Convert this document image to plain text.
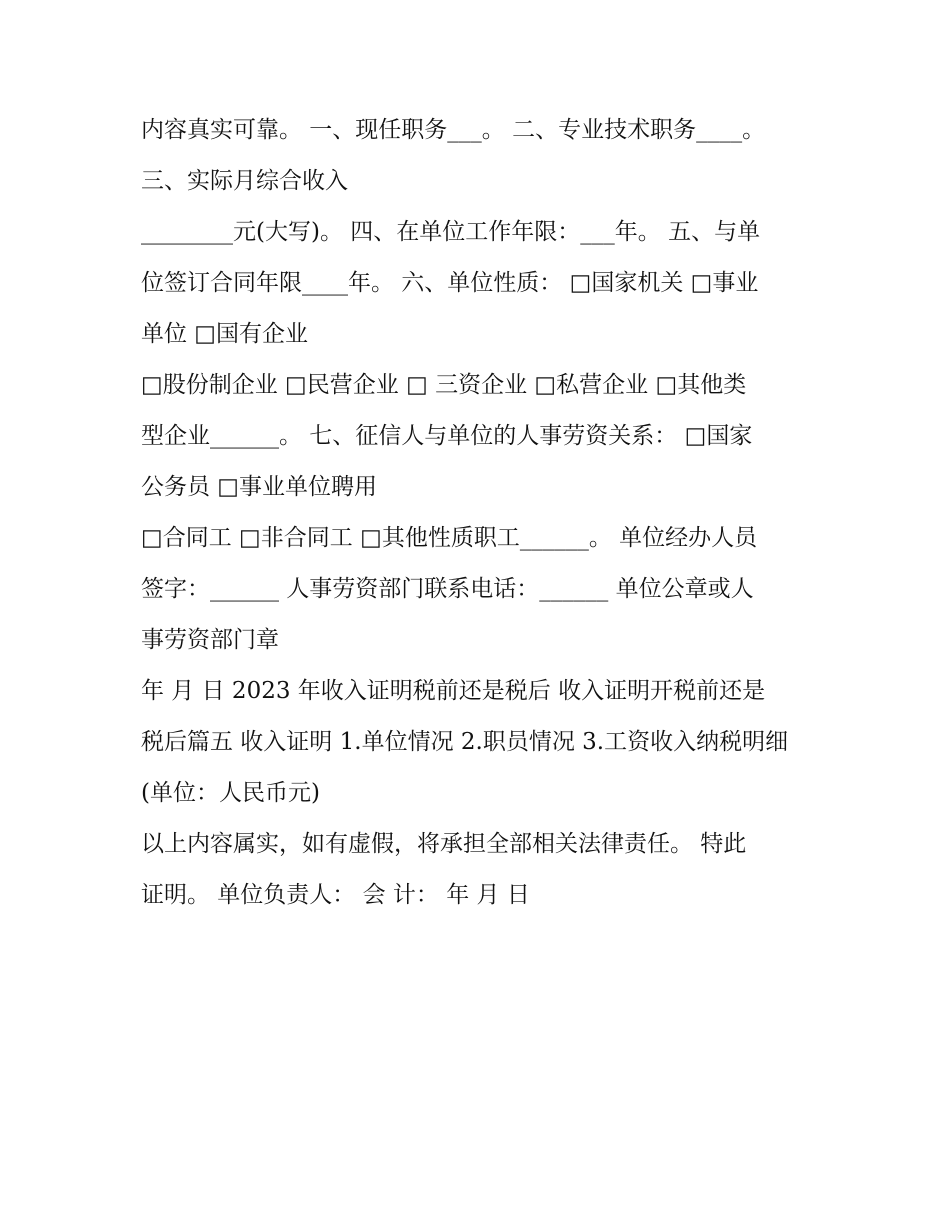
内容真实可靠。 一、现任职务___。 二、专业技术职务____。
三、实际月综合收入
________元(大写)。 四、在单位工作年限：___年。 五、与单
位签订合同年限____年。 六、单位性质： □国家机关 □事业
单位 □国有企业
□股份制企业 □民营企业 □ 三资企业 □私营企业 □其他类
型企业______。 七、征信人与单位的人事劳资关系： □国家
公务员 □事业单位聘用
□合同工 □非合同工 □其他性质职工______。 单位经办人员
签字：______ 人事劳资部门联系电话：______ 单位公章或人
事劳资部门章
年 月 日 2023 年收入证明税前还是税后 收入证明开税前还是
税后篇五 收入证明 1.单位情况 2.职员情况 3.工资收入纳税明细
(单位：人民币元)
以上内容属实，如有虚假，将承担全部相关法律责任。 特此
证明。 单位负责人： 会 计： 年 月 日
